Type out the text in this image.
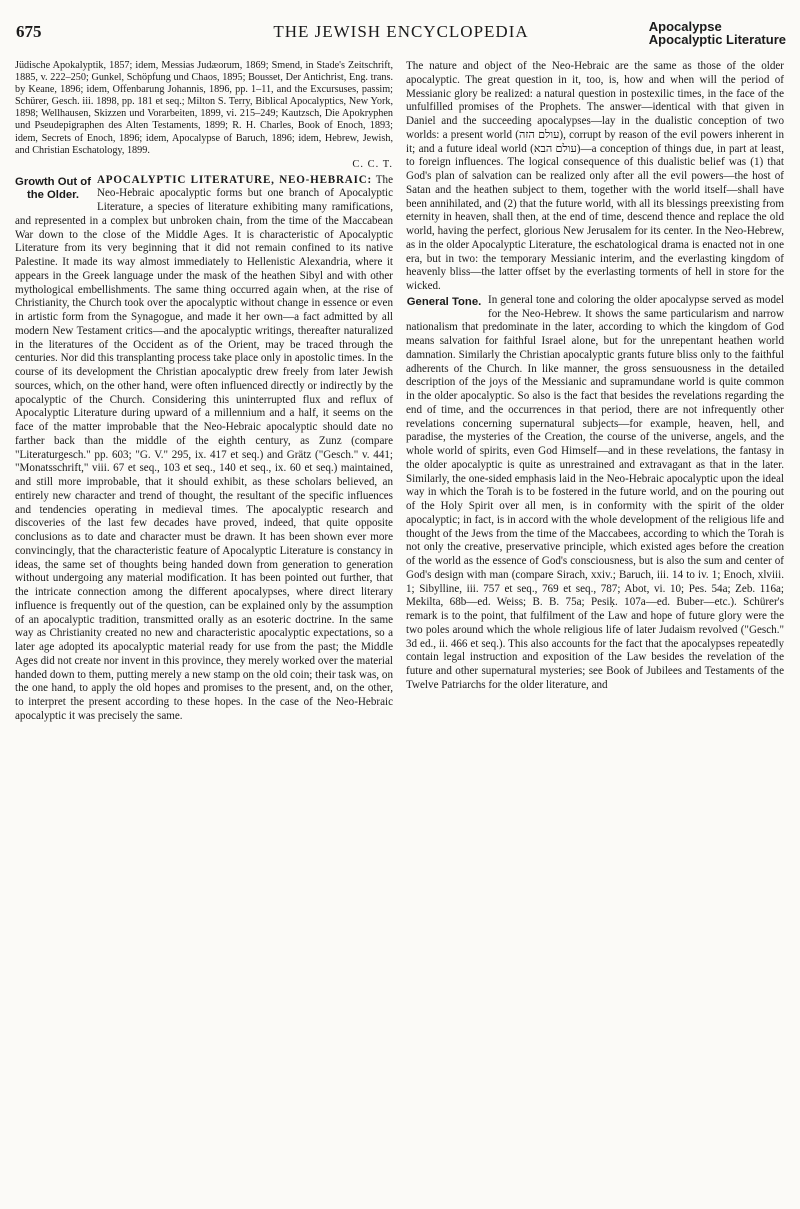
675	THE JEWISH ENCYCLOPEDIA	Apocalypse
Apocalyptic Literature

Jüdische Apokalyptik, 1857; idem, Messias Judæorum, 1869; Smend, in Stade's Zeitschrift, 1885, v. 222–250; Gunkel, Schöpfung und Chaos, 1895; Bousset, Der Antichrist, Eng. trans. by Keane, 1896; idem, Offenbarung Johannis, 1896, pp. 1–11, and the Excursuses, passim; Schürer, Gesch. iii. 1898, pp. 181 et seq.; Milton S. Terry, Biblical Apocalyptics, New York, 1898; Wellhausen, Skizzen und Vorarbeiten, 1899, vi. 215–249; Kautzsch, Die Apokryphen und Pseudepigraphen des Alten Testaments, 1899; R. H. Charles, Book of Enoch, 1893; idem, Secrets of Enoch, 1896; idem, Apocalypse of Baruch, 1896; idem, Hebrew, Jewish, and Christian Eschatology, 1899.

C. C. T.

APOCALYPTIC LITERATURE, NEO-HEBRAIC:
Growth Out of the Older.
The Neo-Hebraic apocalyptic forms but one branch of Apocalyptic Literature, a species of literature exhibiting many ramifications, and represented in a complex but unbroken chain, from the time of the Maccabean War down to the close of the Middle Ages. It is characteristic of Apocalyptic Literature from its very beginning that it did not remain confined to its native Palestine. It made its way almost immediately to Hellenistic Alexandria, where it appears in the Greek language under the mask of the heathen Sibyl and with other mythological embellishments. The same thing occurred again when, at the rise of Christianity, the Church took over the apocalyptic without change in essence or even in artistic form from the Synagogue, and made it her own—a fact admitted by all modern New Testament critics—and the apocalyptic writings, thereafter naturalized in the literatures of the Occident as of the Orient, may be traced through the centuries. Nor did this transplanting process take place only in apostolic times. In the course of its development the Christian apocalyptic drew freely from later Jewish sources, which, on the other hand, were often influenced directly or indirectly by the apocalyptic of the Church. Considering this uninterrupted flux and reflux of Apocalyptic Literature during upward of a millennium and a half, it seems on the face of the matter improbable that the Neo-Hebraic apocalyptic should date no farther back than the middle of the eighth century, as Zunz (compare "Literaturgesch." pp. 603; "G. V." 295, ix. 417 et seq.) and Grätz ("Gesch." v. 441; "Monatsschrift," viii. 67 et seq., 103 et seq., 140 et seq., ix. 60 et seq.) maintained, and still more improbable, that it should exhibit, as these scholars believed, an entirely new character and trend of thought, the resultant of the specific influences and tendencies operating in medieval times. The apocalyptic research and discoveries of the last few decades have proved, indeed, that quite opposite conclusions as to date and character must be drawn. It has been shown ever more convincingly, that the characteristic feature of Apocalyptic Literature is constancy in ideas, the same set of thoughts being handed down from generation to generation without undergoing any material modification. It has been pointed out further, that the intricate connection among the different apocalypses, where direct literary influence is frequently out of the question, can be explained only by the assumption of an apocalyptic tradition, transmitted orally as an esoteric doctrine. In the same way as Christianity created no new and characteristic apocalyptic expectations, so a later age adopted its apocalyptic material ready for use from the past; the Middle Ages did not create nor invent in this province, they merely worked over the material handed down to them, putting merely a new stamp on the old coin; their task was, on the one hand, to apply the old hopes and promises to the present, and, on the other, to interpret the present according to these hopes. In the case of the Neo-Hebraic apocalyptic it was precisely the same.

The nature and object of the Neo-Hebraic are the same as those of the older apocalyptic. The great question in it, too, is, how and when will the period of Messianic glory be realized: a natural question in postexilic times, in the face of the unfulfilled promises of the Prophets. The answer—identical with that given in Daniel and the succeeding apocalypses—lay in the dualistic conception of two worlds: a present world (עולם הזה), corrupt by reason of the evil powers inherent in it; and a future ideal world (עולם הבא)—a conception of things due, in part at least, to foreign influences. The logical consequence of this dualistic belief was (1) that God's plan of salvation can be realized only after all the evil powers—the host of Satan and the heathen subject to them, together with the world itself—shall have been annihilated, and (2) that the future world, with all its blessings preexisting from eternity in heaven, shall then, at the end of time, descend thence and replace the old world, having the perfect, glorious New Jerusalem for its center. In the Neo-Hebrew, as in the older Apocalyptic Literature, the eschatological drama is enacted not in one era, but in two: the temporary Messianic interim, and the everlasting kingdom of heavenly bliss—the latter offset by the everlasting torments of hell in store for the wicked.

General Tone. In general tone and coloring the older apocalypse served as model for the Neo-Hebrew. It shows the same particularism and narrow nationalism that predominate in the later, according to which the kingdom of God means salvation for faithful Israel alone, but for the unrepentant heathen world damnation. Similarly the Christian apocalyptic grants future bliss only to the faithful adherents of the Church. In like manner, the gross sensuousness in the detailed description of the joys of the Messianic and supramundane world is quite common in the older apocalyptic. So also is the fact that besides the revelations regarding the end of time, and the occurrences in that period, there are not infrequently other revelations concerning supernatural subjects—for example, heaven, hell, and paradise, the mysteries of the Creation, the course of the universe, angels, and the whole world of spirits, even God Himself—and in these revelations, the fantasy in the older apocalyptic is quite as unrestrained and extravagant as that in the later. Similarly, the one-sided emphasis laid in the Neo-Hebraic apocalyptic upon the ideal way in which the Torah is to be fostered in the future world, and on the pouring out of the Holy Spirit over all men, is in conformity with the spirit of the older apocalyptic; in fact, is in accord with the whole development of the religious life and thought of the Jews from the time of the Maccabees, according to which the Torah is not only the creative, preservative principle, which existed ages before the creation of the world as the essence of God's consciousness, but is also the sum and center of God's design with man (compare Sirach, xxiv.; Baruch, iii. 14 to iv. 1; Enoch, xlviii. 1; Sibylline, iii. 757 et seq., 769 et seq., 787; Abot, vi. 10; Pes. 54a; Zeb. 116a; Mekilta, 68b—ed. Weiss; B. B. 75a; Pesiḳ. 107a—ed. Buber—etc.). Schürer's remark is to the point, that fulfilment of the Law and hope of future glory were the two poles around which the whole religious life of later Judaism revolved ("Gesch." 3d ed., ii. 466 et seq.). This also accounts for the fact that the apocalypses repeatedly contain legal instruction and exposition of the Law besides the revelation of the future and other supernatural mysteries; see Book of Jubilees and Testaments of the Twelve Patriarchs for the older literature, and
